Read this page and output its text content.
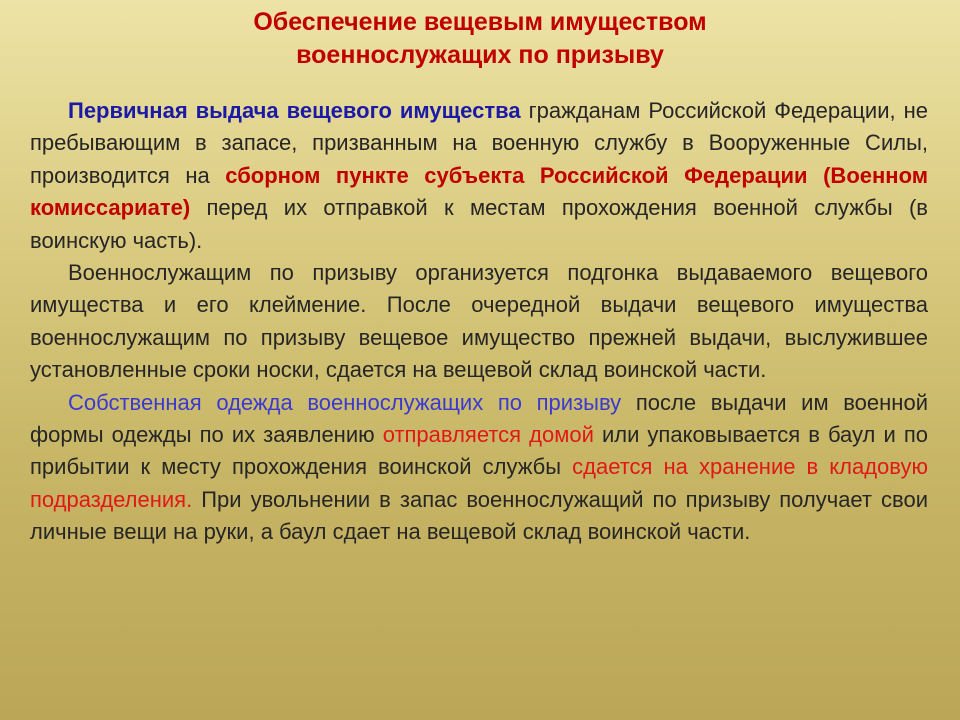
Обеспечение вещевым имуществом
военнослужащих по призыву

Первичная выдача вещевого имущества гражданам Российской Федерации, не пребывающим в запасе, призванным на военную службу в Вооруженные Силы, производится на сборном пункте субъекта Российской Федерации (Военном комиссариате) перед их отправкой к местам прохождения военной службы (в воинскую часть).

Военнослужащим по призыву организуется подгонка выдаваемого вещевого имущества и его клеймение. После очередной выдачи вещевого имущества военнослужащим по призыву вещевое имущество прежней выдачи, выслужившее установленные сроки носки, сдается на вещевой склад воинской части.

Собственная одежда военнослужащих по призыву после выдачи им военной формы одежды по их заявлению отправляется домой или упаковывается в баул и по прибытии к месту прохождения воинской службы сдается на хранение в кладовую подразделения. При увольнении в запас военнослужащий по призыву получает свои личные вещи на руки, а баул сдает на вещевой склад воинской части.
